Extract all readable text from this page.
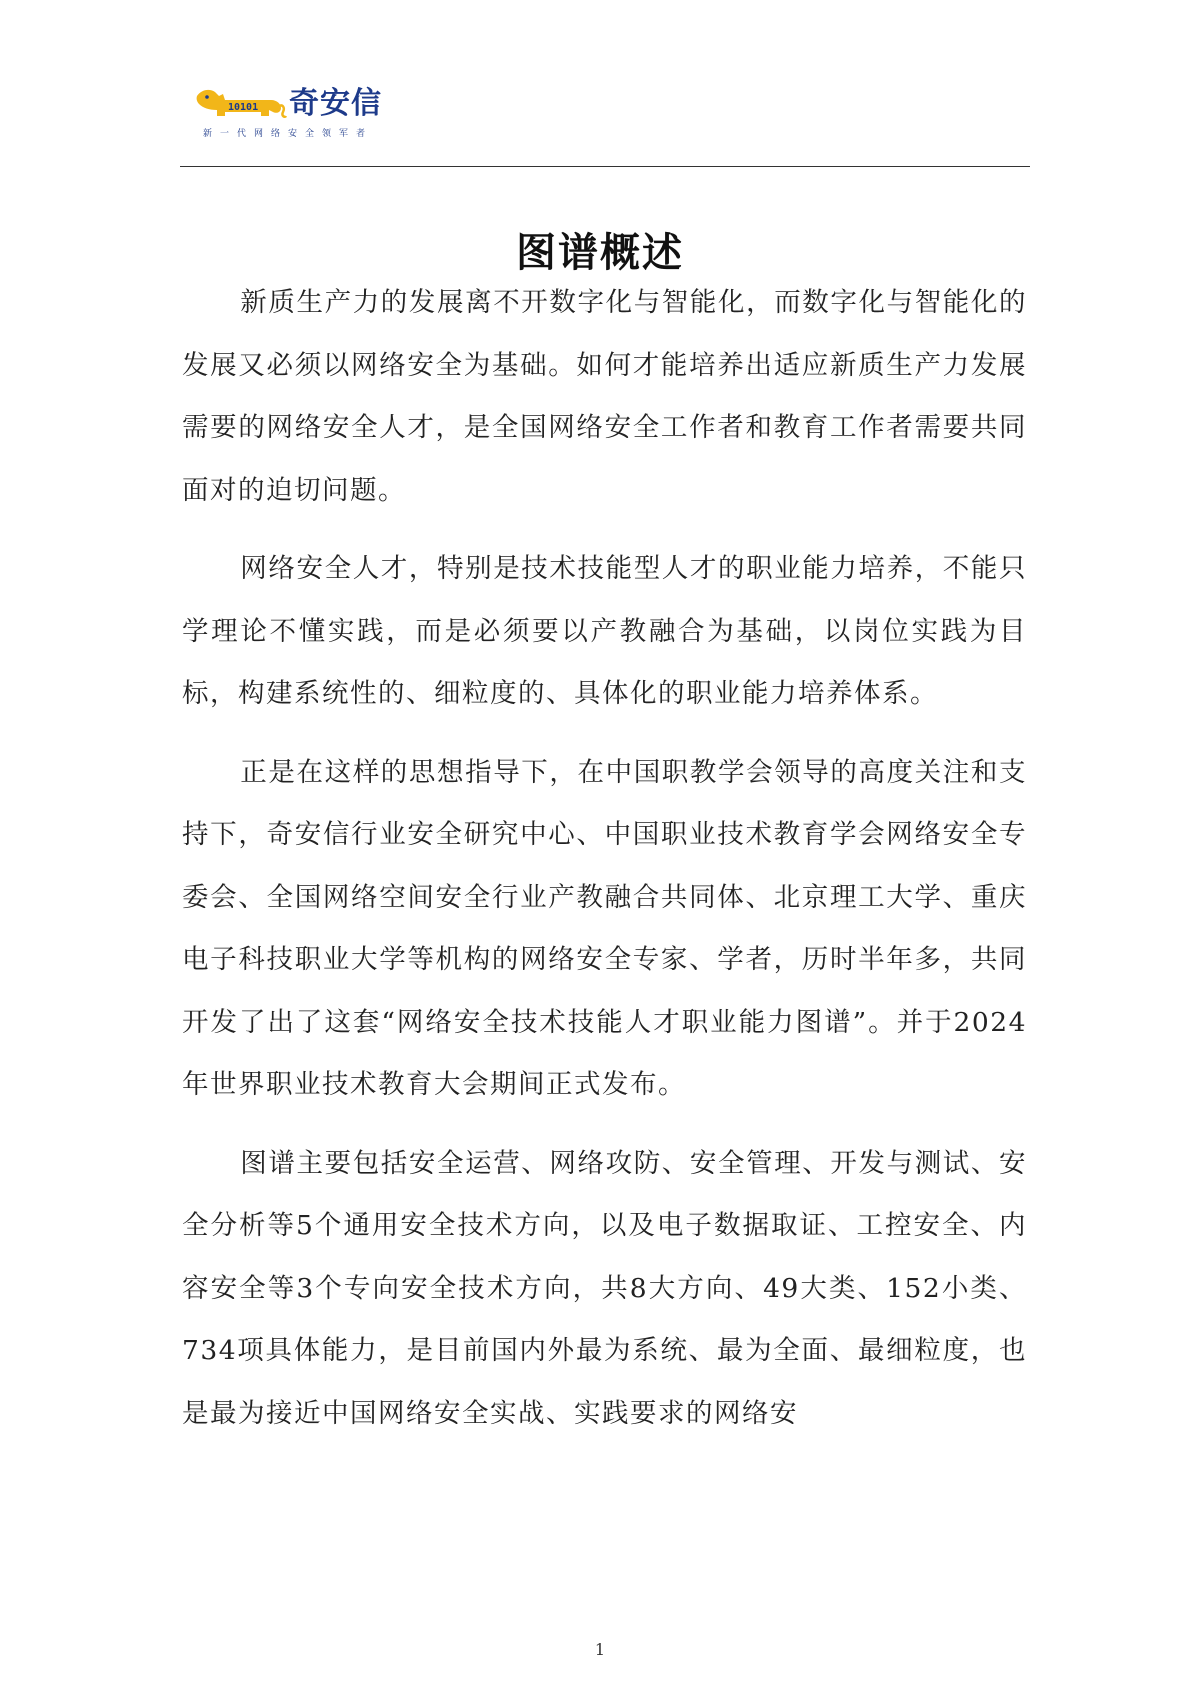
10101 奇安信
新一代网络安全领军者
图谱概述

新质生产力的发展离不开数字化与智能化，而数字化与智能化的发展又必须以网络安全为基础。如何才能培养出适应新质生产力发展需要的网络安全人才，是全国网络安全工作者和教育工作者需要共同面对的迫切问题。

网络安全人才，特别是技术技能型人才的职业能力培养，不能只学理论不懂实践，而是必须要以产教融合为基础，以岗位实践为目标，构建系统性的、细粒度的、具体化的职业能力培养体系。

正是在这样的思想指导下，在中国职教学会领导的高度关注和支持下，奇安信行业安全研究中心、中国职业技术教育学会网络安全专委会、全国网络空间安全行业产教融合共同体、北京理工大学、重庆电子科技职业大学等机构的网络安全专家、学者，历时半年多，共同开发了出了这套“网络安全技术技能人才职业能力图谱”。并于2024年世界职业技术教育大会期间正式发布。

图谱主要包括安全运营、网络攻防、安全管理、开发与测试、安全分析等5个通用安全技术方向，以及电子数据取证、工控安全、内容安全等3个专向安全技术方向，共8大方向、49大类、152小类、734项具体能力，是目前国内外最为系统、最为全面、最细粒度，也是最为接近中国网络安全实战、实践要求的网络安

1
